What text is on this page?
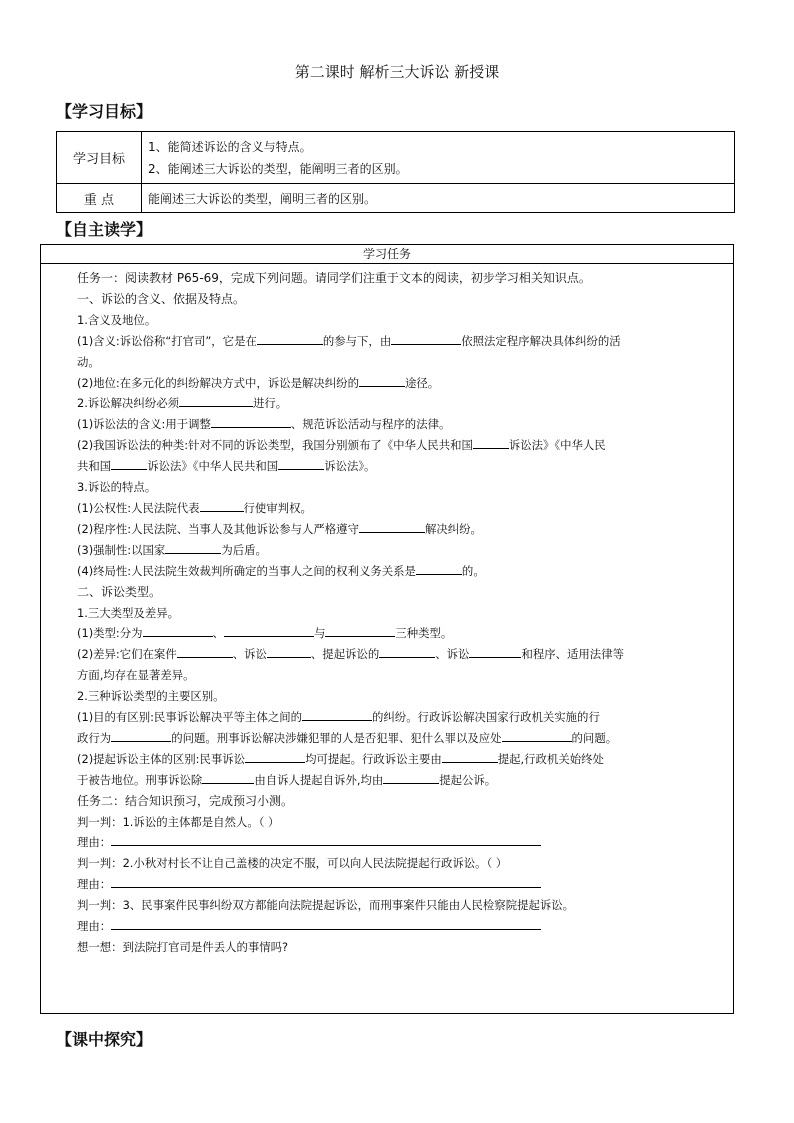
第二课时 解析三大诉讼 新授课
【学习目标】
学习目标	1、能简述诉讼的含义与特点。
2、能阐述三大诉讼的类型，能阐明三者的区别。

重 点	能阐述三大诉讼的类型，阐明三者的区别。
【自主读学】
学习任务

任务一：阅读教材 P65-69，完成下列问题。请同学们注重于文本的阅读，初步学习相关知识点。

一、诉讼的含义、依据及特点。

1.含义及地位。

(1)含义:诉讼俗称“打官司”，它是在	的参与下，由	依照法定程序解决具体纠纷的活

动。

(2)地位:在多元化的纠纷解决方式中，诉讼是解决纠纷的	途径。

2.诉讼解决纠纷必须	进行。

(1)诉讼法的含义:用于调整	、规范诉讼活动与程序的法律。

(2)我国诉讼法的种类:针对不同的诉讼类型，我国分别颁布了《中华人民共和国	诉讼法》《中华人民

共和国	诉讼法》《中华人民共和国	诉讼法》。

3.诉讼的特点。

(1)公权性:人民法院代表	行使审判权。

(2)程序性:人民法院、当事人及其他诉讼参与人严格遵守	解决纠纷。

(3)强制性:以国家	为后盾。

(4)终局性:人民法院生效裁判所确定的当事人之间的权利义务关系是	的。

二、诉讼类型。

1.三大类型及差异。

(1)类型:分为	、	与	三种类型。

(2)差异:它们在案件	、诉讼	、提起诉讼的	、诉讼	和程序、适用法律等

方面,均存在显著差异。

2.三种诉讼类型的主要区别。

(1)目的有区别:民事诉讼解决平等主体之间的	的纠纷。行政诉讼解决国家行政机关实施的行

政行为	的问题。刑事诉讼解决涉嫌犯罪的人是否犯罪、犯什么罪以及应处	的问题。

(2)提起诉讼主体的区别:民事诉讼	均可提起。行政诉讼主要由	提起,行政机关始终处

于被告地位。刑事诉讼除	由自诉人提起自诉外,均由	提起公诉。

任务二：结合知识预习，完成预习小测。

判一判：1.诉讼的主体都是自然人。（ ）

理由：

判一判：2.小秋对村长不让自己盖楼的决定不服，可以向人民法院提起行政诉讼。（ ）

理由：

判一判：3、民事案件民事纠纷双方都能向法院提起诉讼，而刑事案件只能由人民检察院提起诉讼。

理由：

想一想：到法院打官司是件丢人的事情吗?

【课中探究】
